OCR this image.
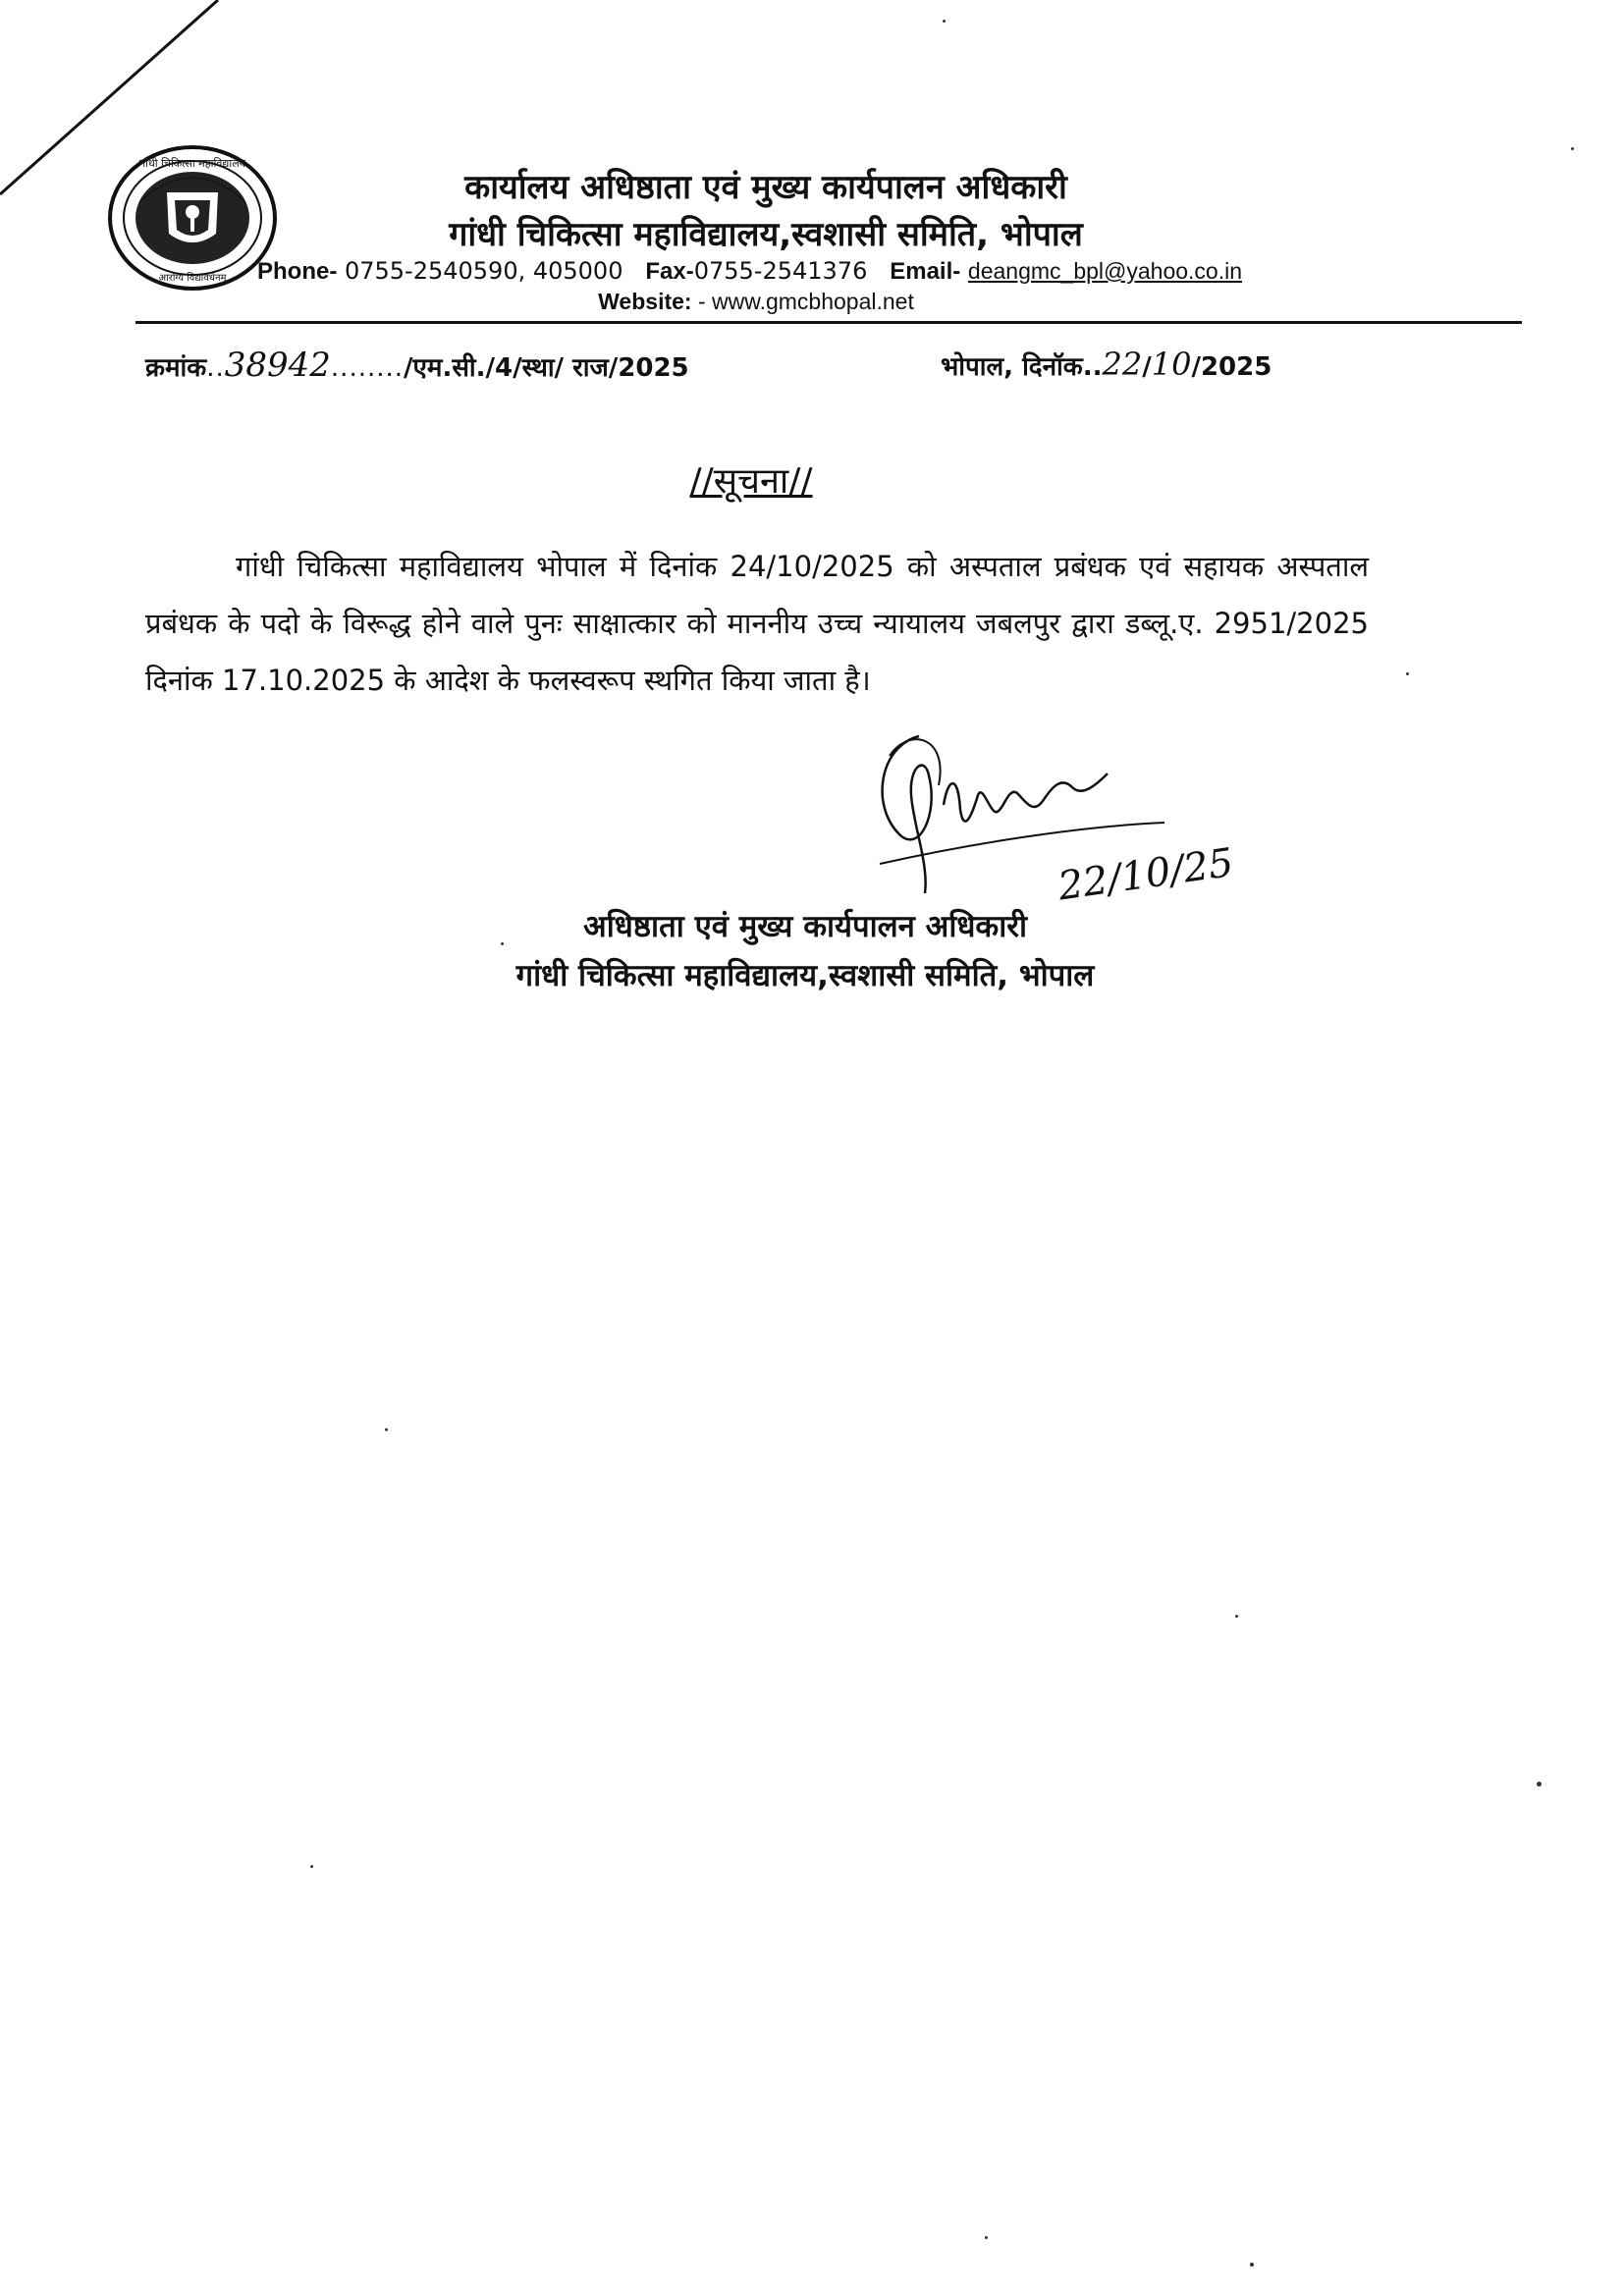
गांधी चिकित्सा महाविद्यालय
आरोग्य विद्यावर्धनम्
कार्यालय अधिष्ठाता एवं मुख्य कार्यपालन अधिकारी
गांधी चिकित्सा महाविद्यालय,स्वशासी समिति, भोपाल
Phone- 0755-2540590, 405000 Fax-0755-2541376 Email- deangmc_bpl@yahoo.co.in
Website: - www.gmcbhopal.net
क्रमांक..38942......../एम.सी./4/स्था/ राज/2025	भोपाल, दिनॉक..22/10/2025
//सूचना//
गांधी चिकित्सा महाविद्यालय भोपाल में दिनांक 24/10/2025 को अस्पताल प्रबंधक एवं सहायक अस्पताल प्रबंधक के पदो के विरूद्ध होने वाले पुनः साक्षात्कार को माननीय उच्च न्यायालय जबलपुर द्वारा डब्लू.ए. 2951/2025 दिनांक 17.10.2025 के आदेश के फलस्वरूप स्थगित किया जाता है।
22/10/25
अधिष्ठाता एवं मुख्य कार्यपालन अधिकारी
गांधी चिकित्सा महाविद्यालय,स्वशासी समिति, भोपाल
